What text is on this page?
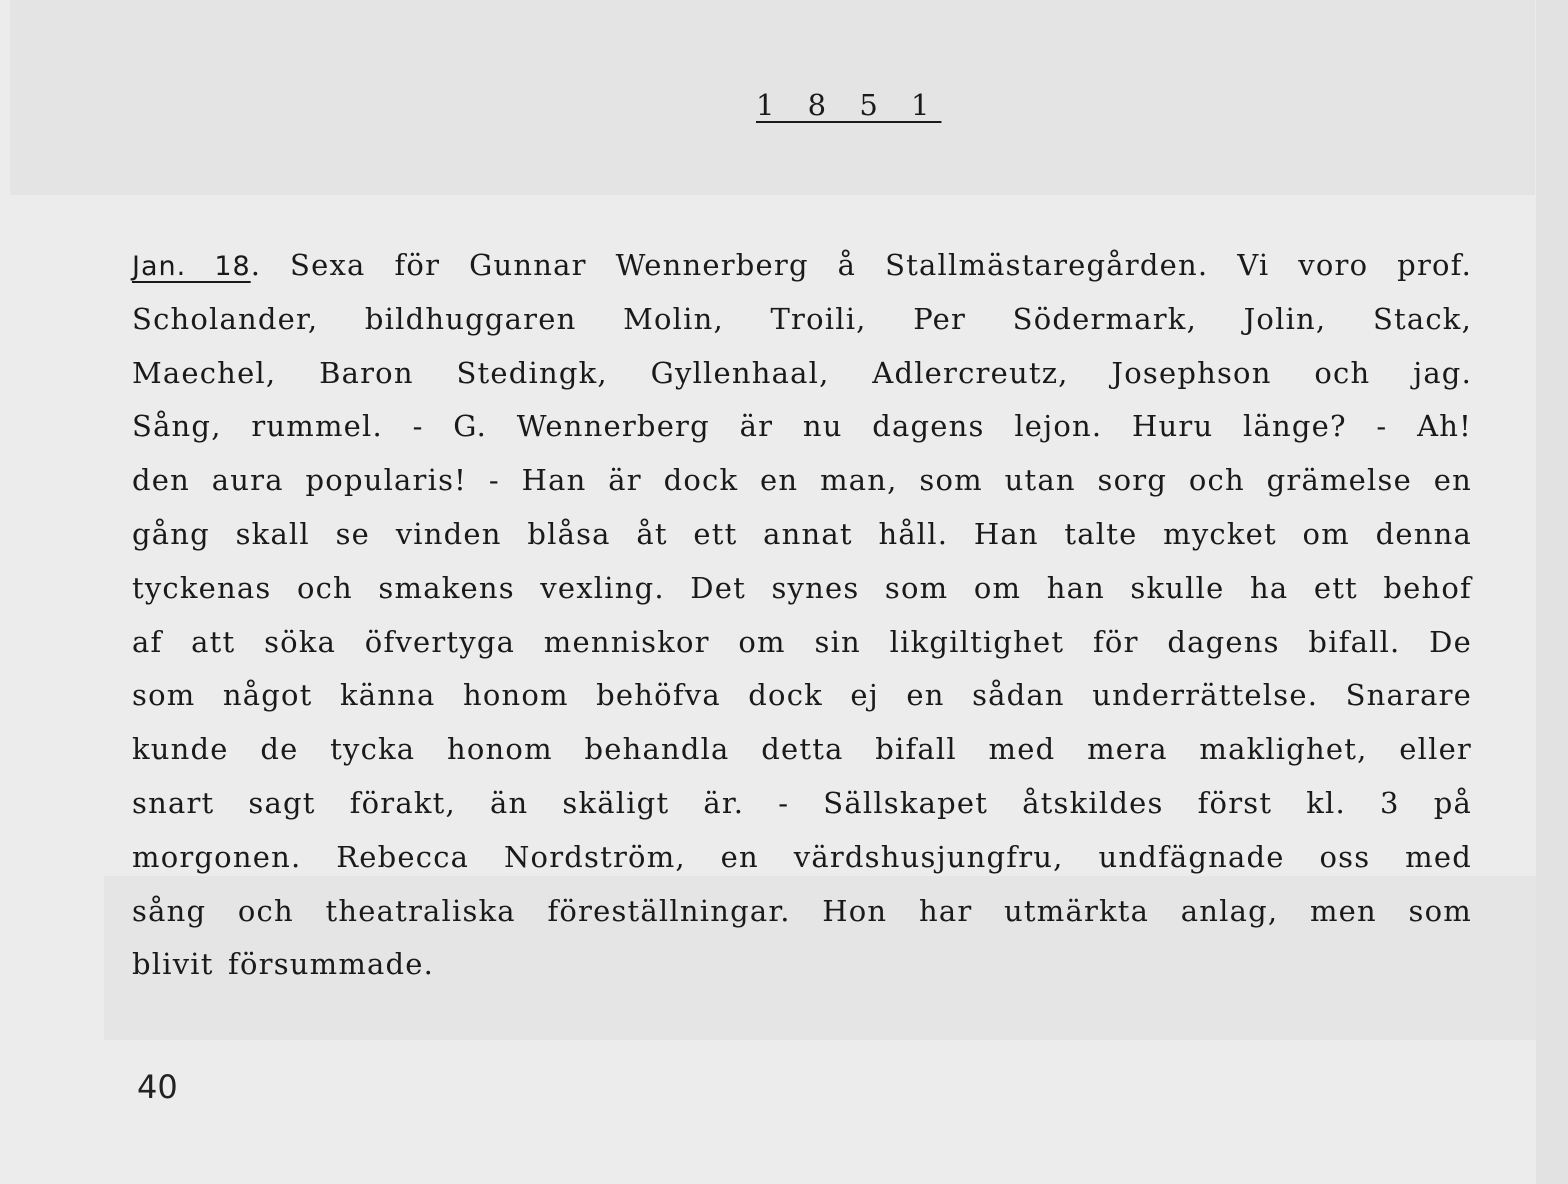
1 8 5 1
Jan. 18. Sexa för Gunnar Wennerberg å Stallmästaregården. Vi voro prof.
Scholander, bildhuggaren Molin, Troili, Per Södermark, Jolin, Stack,
Maechel, Baron Stedingk, Gyllenhaal, Adlercreutz, Josephson och jag.
Sång, rummel. - G. Wennerberg är nu dagens lejon. Huru länge? - Ah!
den aura popularis! - Han är dock en man, som utan sorg och grämelse en
gång skall se vinden blåsa åt ett annat håll. Han talte mycket om denna
tyckenas och smakens vexling. Det synes som om han skulle ha ett behof
af att söka öfvertyga menniskor om sin likgiltighet för dagens bifall. De
som något känna honom behöfva dock ej en sådan underrättelse. Snarare
kunde de tycka honom behandla detta bifall med mera maklighet, eller
snart sagt förakt, än skäligt är. - Sällskapet åtskildes först kl. 3 på
morgonen. Rebecca Nordström, en värdshusjungfru, undfägnade oss med
sång och theatraliska föreställningar. Hon har utmärkta anlag, men som
blivit försummade.
40
